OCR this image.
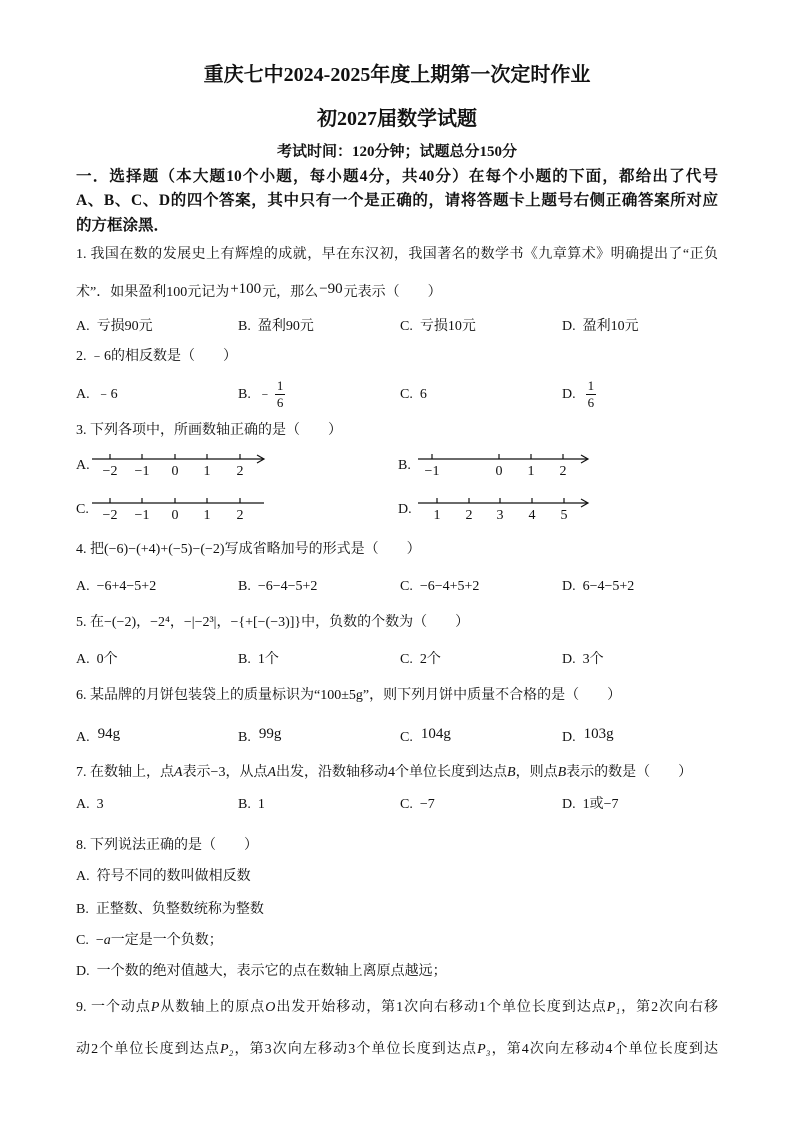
重庆七中2024-2025年度上期第一次定时作业
初2027届数学试题
考试时间：120分钟；试题总分150分
一．选择题（本大题10个小题，每小题4分，共40分）在每个小题的下面，都给出了代号
A、B、C、D的四个答案，其中只有一个是正确的，请将答题卡上题号右侧正确答案所对应
的方框涂黑．
1. 我国在数的发展史上有辉煌的成就，早在东汉初，我国著名的数学书《九章算术》明确提出了“正负
术”．如果盈利100元记为+100元，那么−90元表示（　　）
A. 亏损90元	B. 盈利90元	C. 亏损10元	D. 盈利10元
2. ﹣6的相反数是（　　）
A. ﹣6	B. ﹣ $\frac{1}{6}$	C. 6	D. $\frac{1}{6}$
3. 下列各项中，所画数轴正确的是（　　）
A. −2 −1 0 1 2	B. −1	0 1 2
C. −2 −1 0 1 2	D. 1 2 3 4 5
4. 把(−6)−(+4)+(−5)−(−2)写成省略加号的形式是（　　）
A. −6+4−5+2	B. −6−4−5+2	C. −6−4+5+2	D. 6−4−5+2
5. 在−(−2)，−2⁴，−|−2³|，−{+[−(−3)]}中，负数的个数为（　　）
A. 0个	B. 1个	C. 2个	D. 3个
6. 某品牌的月饼包装袋上的质量标识为“100±5g”，则下列月饼中质量不合格的是（　　）
A. 94g	B. 99g	C. 104g	D. 103g
7. 在数轴上，点A表示−3，从点A出发，沿数轴移动4个单位长度到达点B，则点B表示的数是（　　）
A. 3	B. 1	C. −7	D. 1或−7
8. 下列说法正确的是（　　）
A. 符号不同的数叫做相反数
B. 正整数、负整数统称为整数
C. −a一定是一个负数；
D. 一个数的绝对值越大，表示它的点在数轴上离原点越远；
9. 一个动点P从数轴上的原点O出发开始移动，第1次向右移动1个单位长度到达点P₁，第2次向右移
动2个单位长度到达点P₂，第3次向左移动3个单位长度到达点P₃，第4次向左移动4个单位长度到达
